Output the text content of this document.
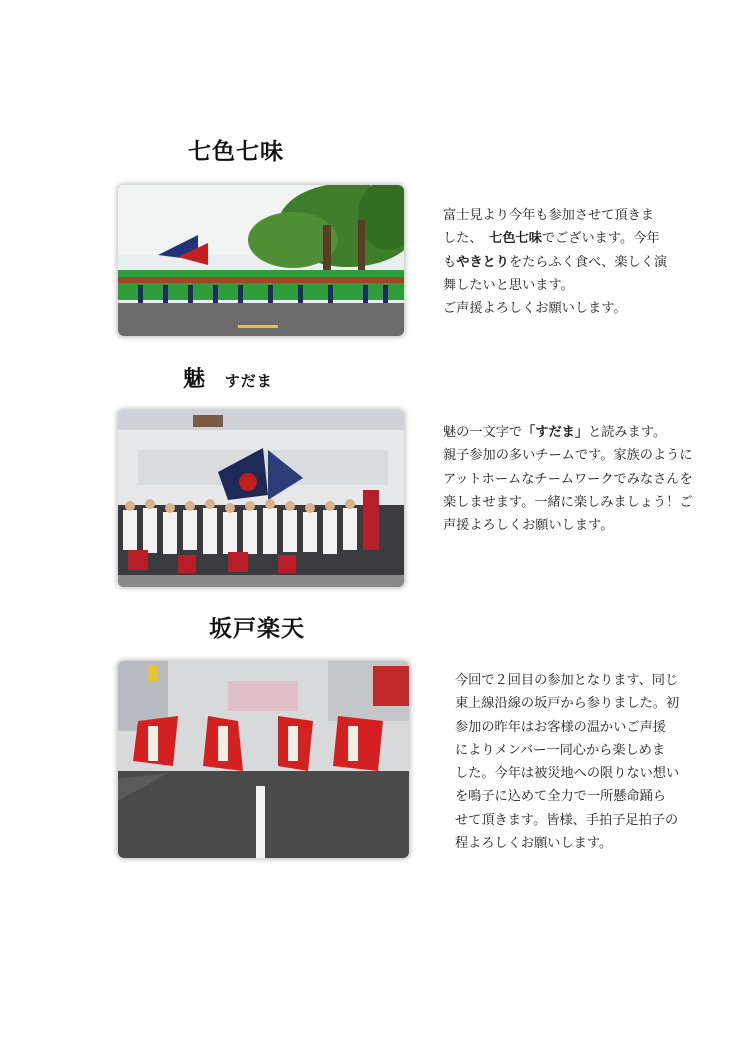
七色七味
富士見より今年も参加させて頂きま
した、　七色七味でございます。今年
もやきとりをたらふく食べ、楽しく演
舞したいと思います。
ご声援よろしくお願いします。
魅 すだま
魅の一文字で「すだま」と読みます。
親子参加の多いチームです。家族のように
アットホームなチームワークでみなさんを
楽しませます。一緒に楽しみましょう！ご
声援よろしくお願いします。
坂戸楽天
今回で２回目の参加となります、同じ
東上線沿線の坂戸から参りました。初
参加の昨年はお客様の温かいご声援
によりメンバー一同心から楽しめま
した。今年は被災地への限りない想い
を鳴子に込めて全力で一所懸命踊ら
せて頂きます。皆様、手拍子足拍子の
程よろしくお願いします。
